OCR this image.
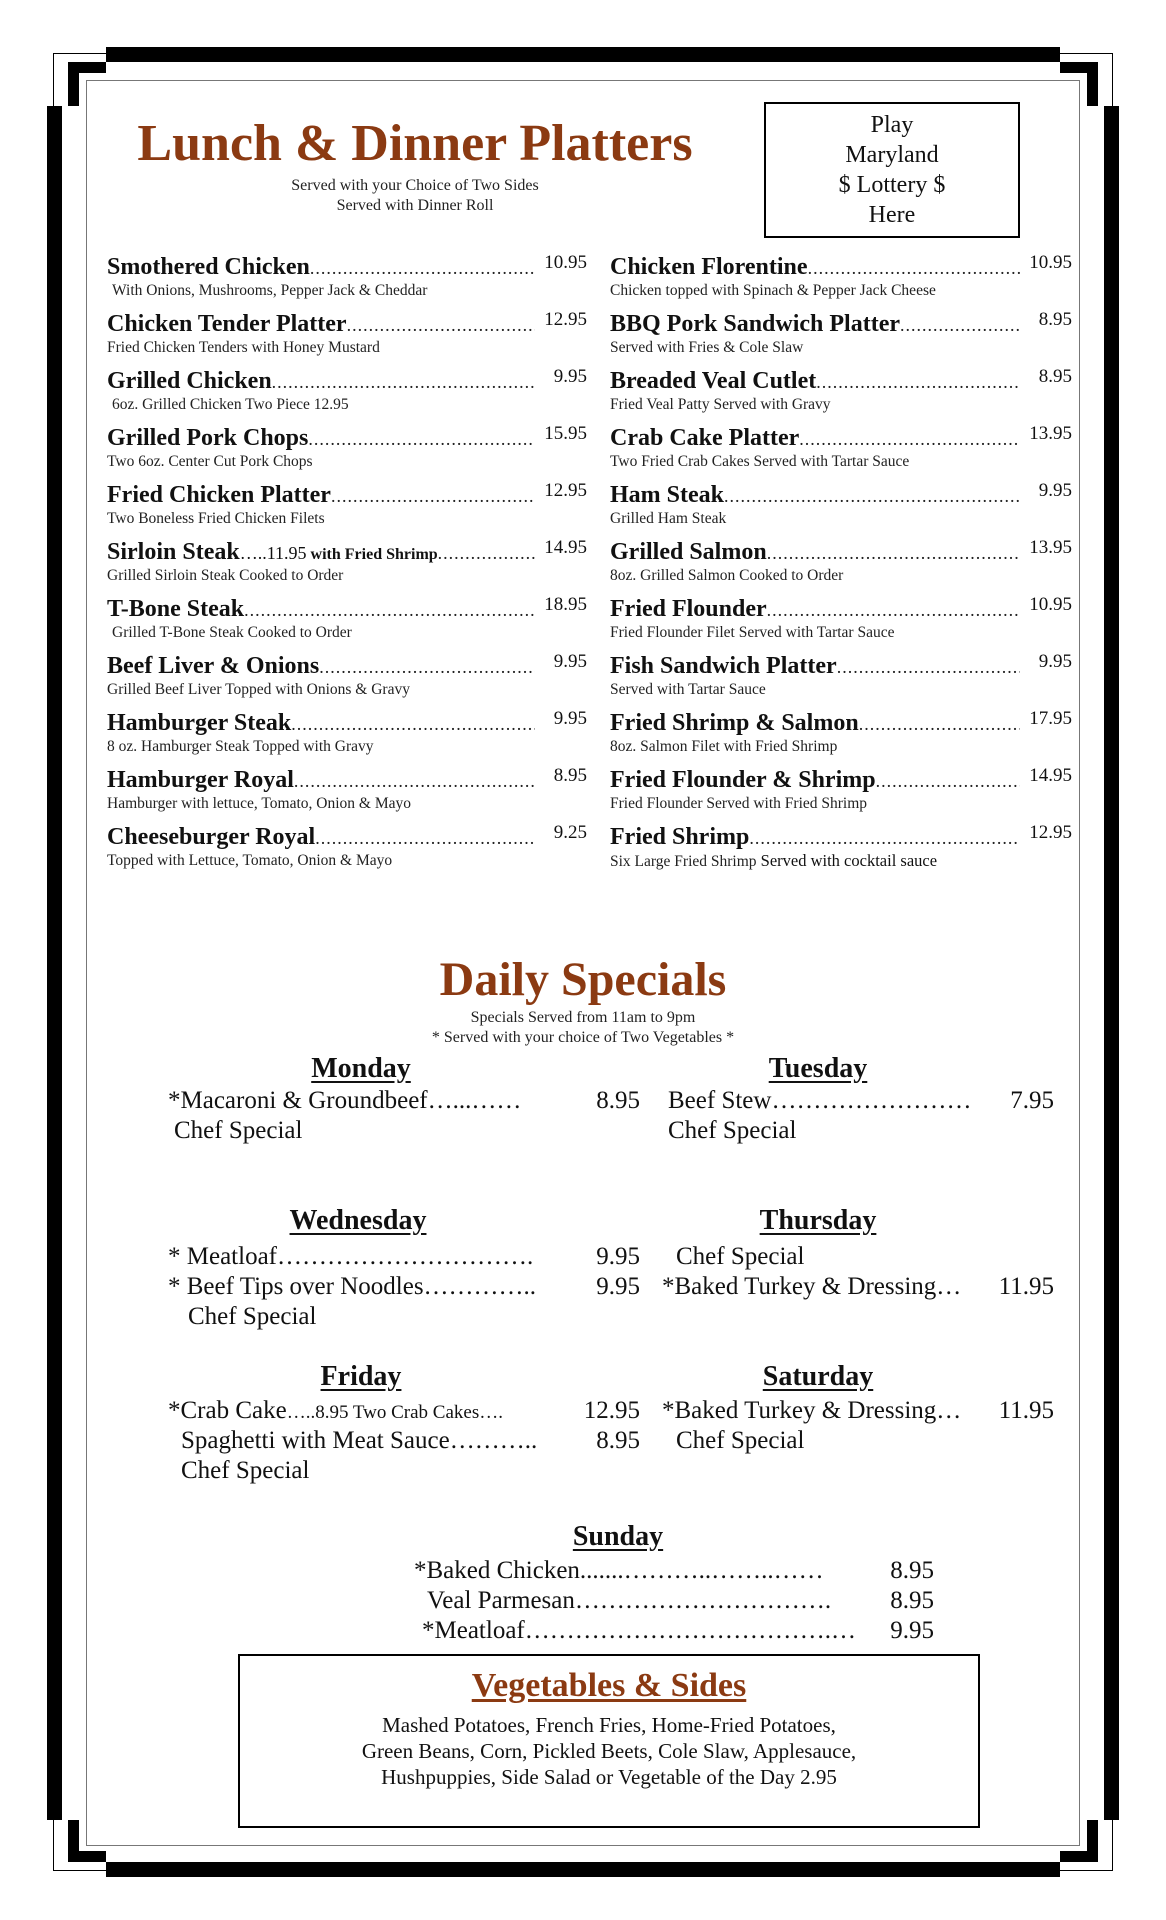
Lunch & Dinner Platters
Served with your Choice of Two Sides
Served with Dinner Roll
Play
Maryland
$ Lottery $
Here
Smothered Chicken .....	10.95
With Onions, Mushrooms, Pepper Jack & Cheddar
Chicken Tender Platter .....	12.95
Fried Chicken Tenders with Honey Mustard
Grilled Chicken .....	9.95
6oz. Grilled Chicken Two Piece 12.95
Grilled Pork Chops .....	15.95
Two 6oz. Center Cut Pork Chops
Fried Chicken Platter .....	12.95
Two Boneless Fried Chicken Filets
Sirloin Steak …..11.95 with Fried Shrimp .....	14.95
Grilled Sirloin Steak Cooked to Order
T-Bone Steak .....	18.95
Grilled T-Bone Steak Cooked to Order
Beef Liver & Onions .....	9.95
Grilled Beef Liver Topped with Onions & Gravy
Hamburger Steak .....	9.95
8 oz. Hamburger Steak Topped with Gravy
Hamburger Royal .....	8.95
Hamburger with lettuce, Tomato, Onion & Mayo
Cheeseburger Royal .....	9.25
Topped with Lettuce, Tomato, Onion & Mayo
Chicken Florentine .....	10.95
Chicken topped with Spinach & Pepper Jack Cheese
BBQ Pork Sandwich Platter .....	8.95
Served with Fries & Cole Slaw
Breaded Veal Cutlet .....	8.95
Fried Veal Patty Served with Gravy
Crab Cake Platter .....	13.95
Two Fried Crab Cakes Served with Tartar Sauce
Ham Steak .....	9.95
Grilled Ham Steak
Grilled Salmon .....	13.95
8oz. Grilled Salmon Cooked to Order
Fried Flounder .....	10.95
Fried Flounder Filet Served with Tartar Sauce
Fish Sandwich Platter .....	9.95
Served with Tartar Sauce
Fried Shrimp & Salmon .....	17.95
8oz. Salmon Filet with Fried Shrimp
Fried Flounder & Shrimp .....	14.95
Fried Flounder Served with Fried Shrimp
Fried Shrimp .....	12.95
Six Large Fried Shrimp Served with cocktail sauce
Daily Specials
Specials Served from 11am to 9pm
* Served with your choice of Two Vegetables *
Monday
*Macaroni & Groundbeef…...……	8.95
Chef Special
Tuesday
Beef Stew…………………… 7.95
Chef Special
Wednesday
* Meatloaf………………………….	9.95
* Beef Tips over Noodles………….. 9.95
Chef Special
Thursday
Chef Special
*Baked Turkey & Dressing… 11.95
Friday
*Crab Cake…..8.95 Two Crab Cakes….	12.95
Spaghetti with Meat Sauce……….. 8.95
Chef Special
Saturday
*Baked Turkey & Dressing… 11.95
Chef Special
Sunday
*Baked Chicken.......………..……..……	8.95
Veal Parmesan…………………………. 8.95
*Meatloaf……………………………….… 9.95
Vegetables & Sides
Mashed Potatoes, French Fries, Home-Fried Potatoes,
Green Beans, Corn, Pickled Beets, Cole Slaw, Applesauce,
Hushpuppies, Side Salad or Vegetable of the Day 2.95
